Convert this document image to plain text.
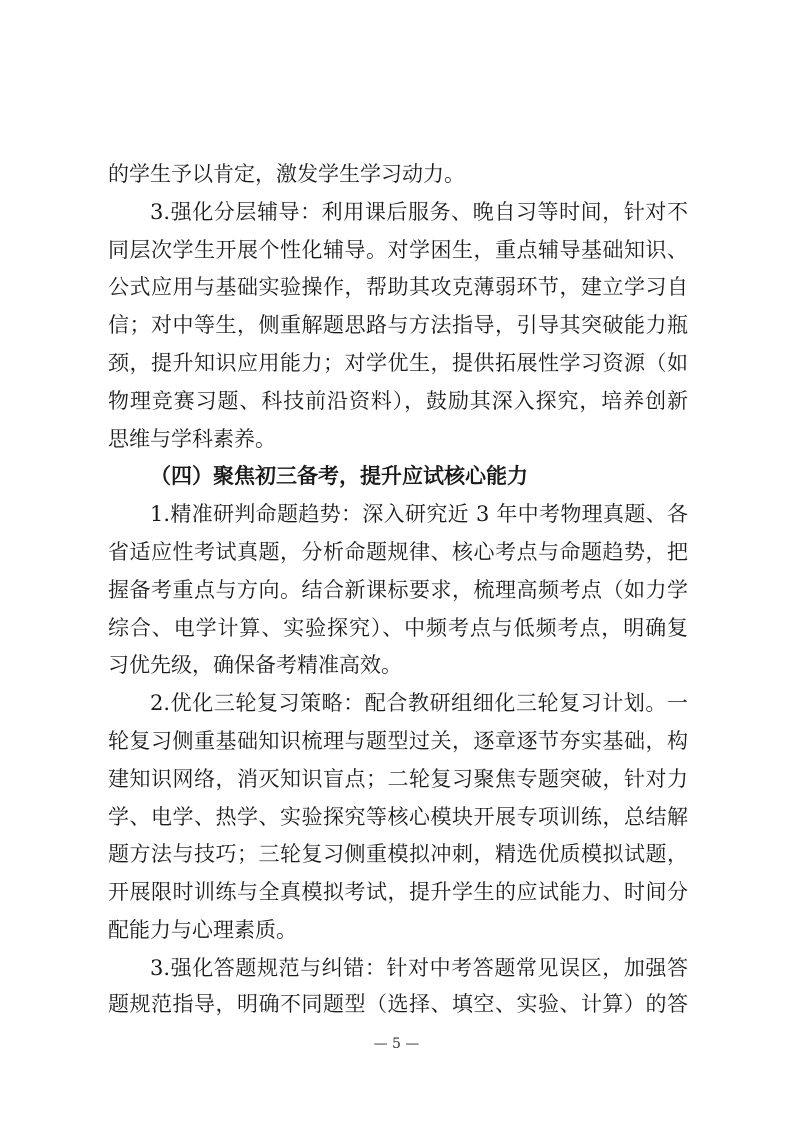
的学生予以肯定，激发学生学习动力。
3.强化分层辅导：利用课后服务、晚自习等时间，针对不
同层次学生开展个性化辅导。对学困生，重点辅导基础知识、
公式应用与基础实验操作，帮助其攻克薄弱环节，建立学习自
信；对中等生，侧重解题思路与方法指导，引导其突破能力瓶
颈，提升知识应用能力；对学优生，提供拓展性学习资源（如
物理竞赛习题、科技前沿资料），鼓励其深入探究，培养创新
思维与学科素养。
（四）聚焦初三备考，提升应试核心能力
1.精准研判命题趋势：深入研究近 3 年中考物理真题、各
省适应性考试真题，分析命题规律、核心考点与命题趋势，把
握备考重点与方向。结合新课标要求，梳理高频考点（如力学
综合、电学计算、实验探究）、中频考点与低频考点，明确复
习优先级，确保备考精准高效。
2.优化三轮复习策略：配合教研组细化三轮复习计划。一
轮复习侧重基础知识梳理与题型过关，逐章逐节夯实基础，构
建知识网络，消灭知识盲点；二轮复习聚焦专题突破，针对力
学、电学、热学、实验探究等核心模块开展专项训练，总结解
题方法与技巧；三轮复习侧重模拟冲刺，精选优质模拟试题，
开展限时训练与全真模拟考试，提升学生的应试能力、时间分
配能力与心理素质。
3.强化答题规范与纠错：针对中考答题常见误区，加强答
题规范指导，明确不同题型（选择、填空、实验、计算）的答
— 5 —
